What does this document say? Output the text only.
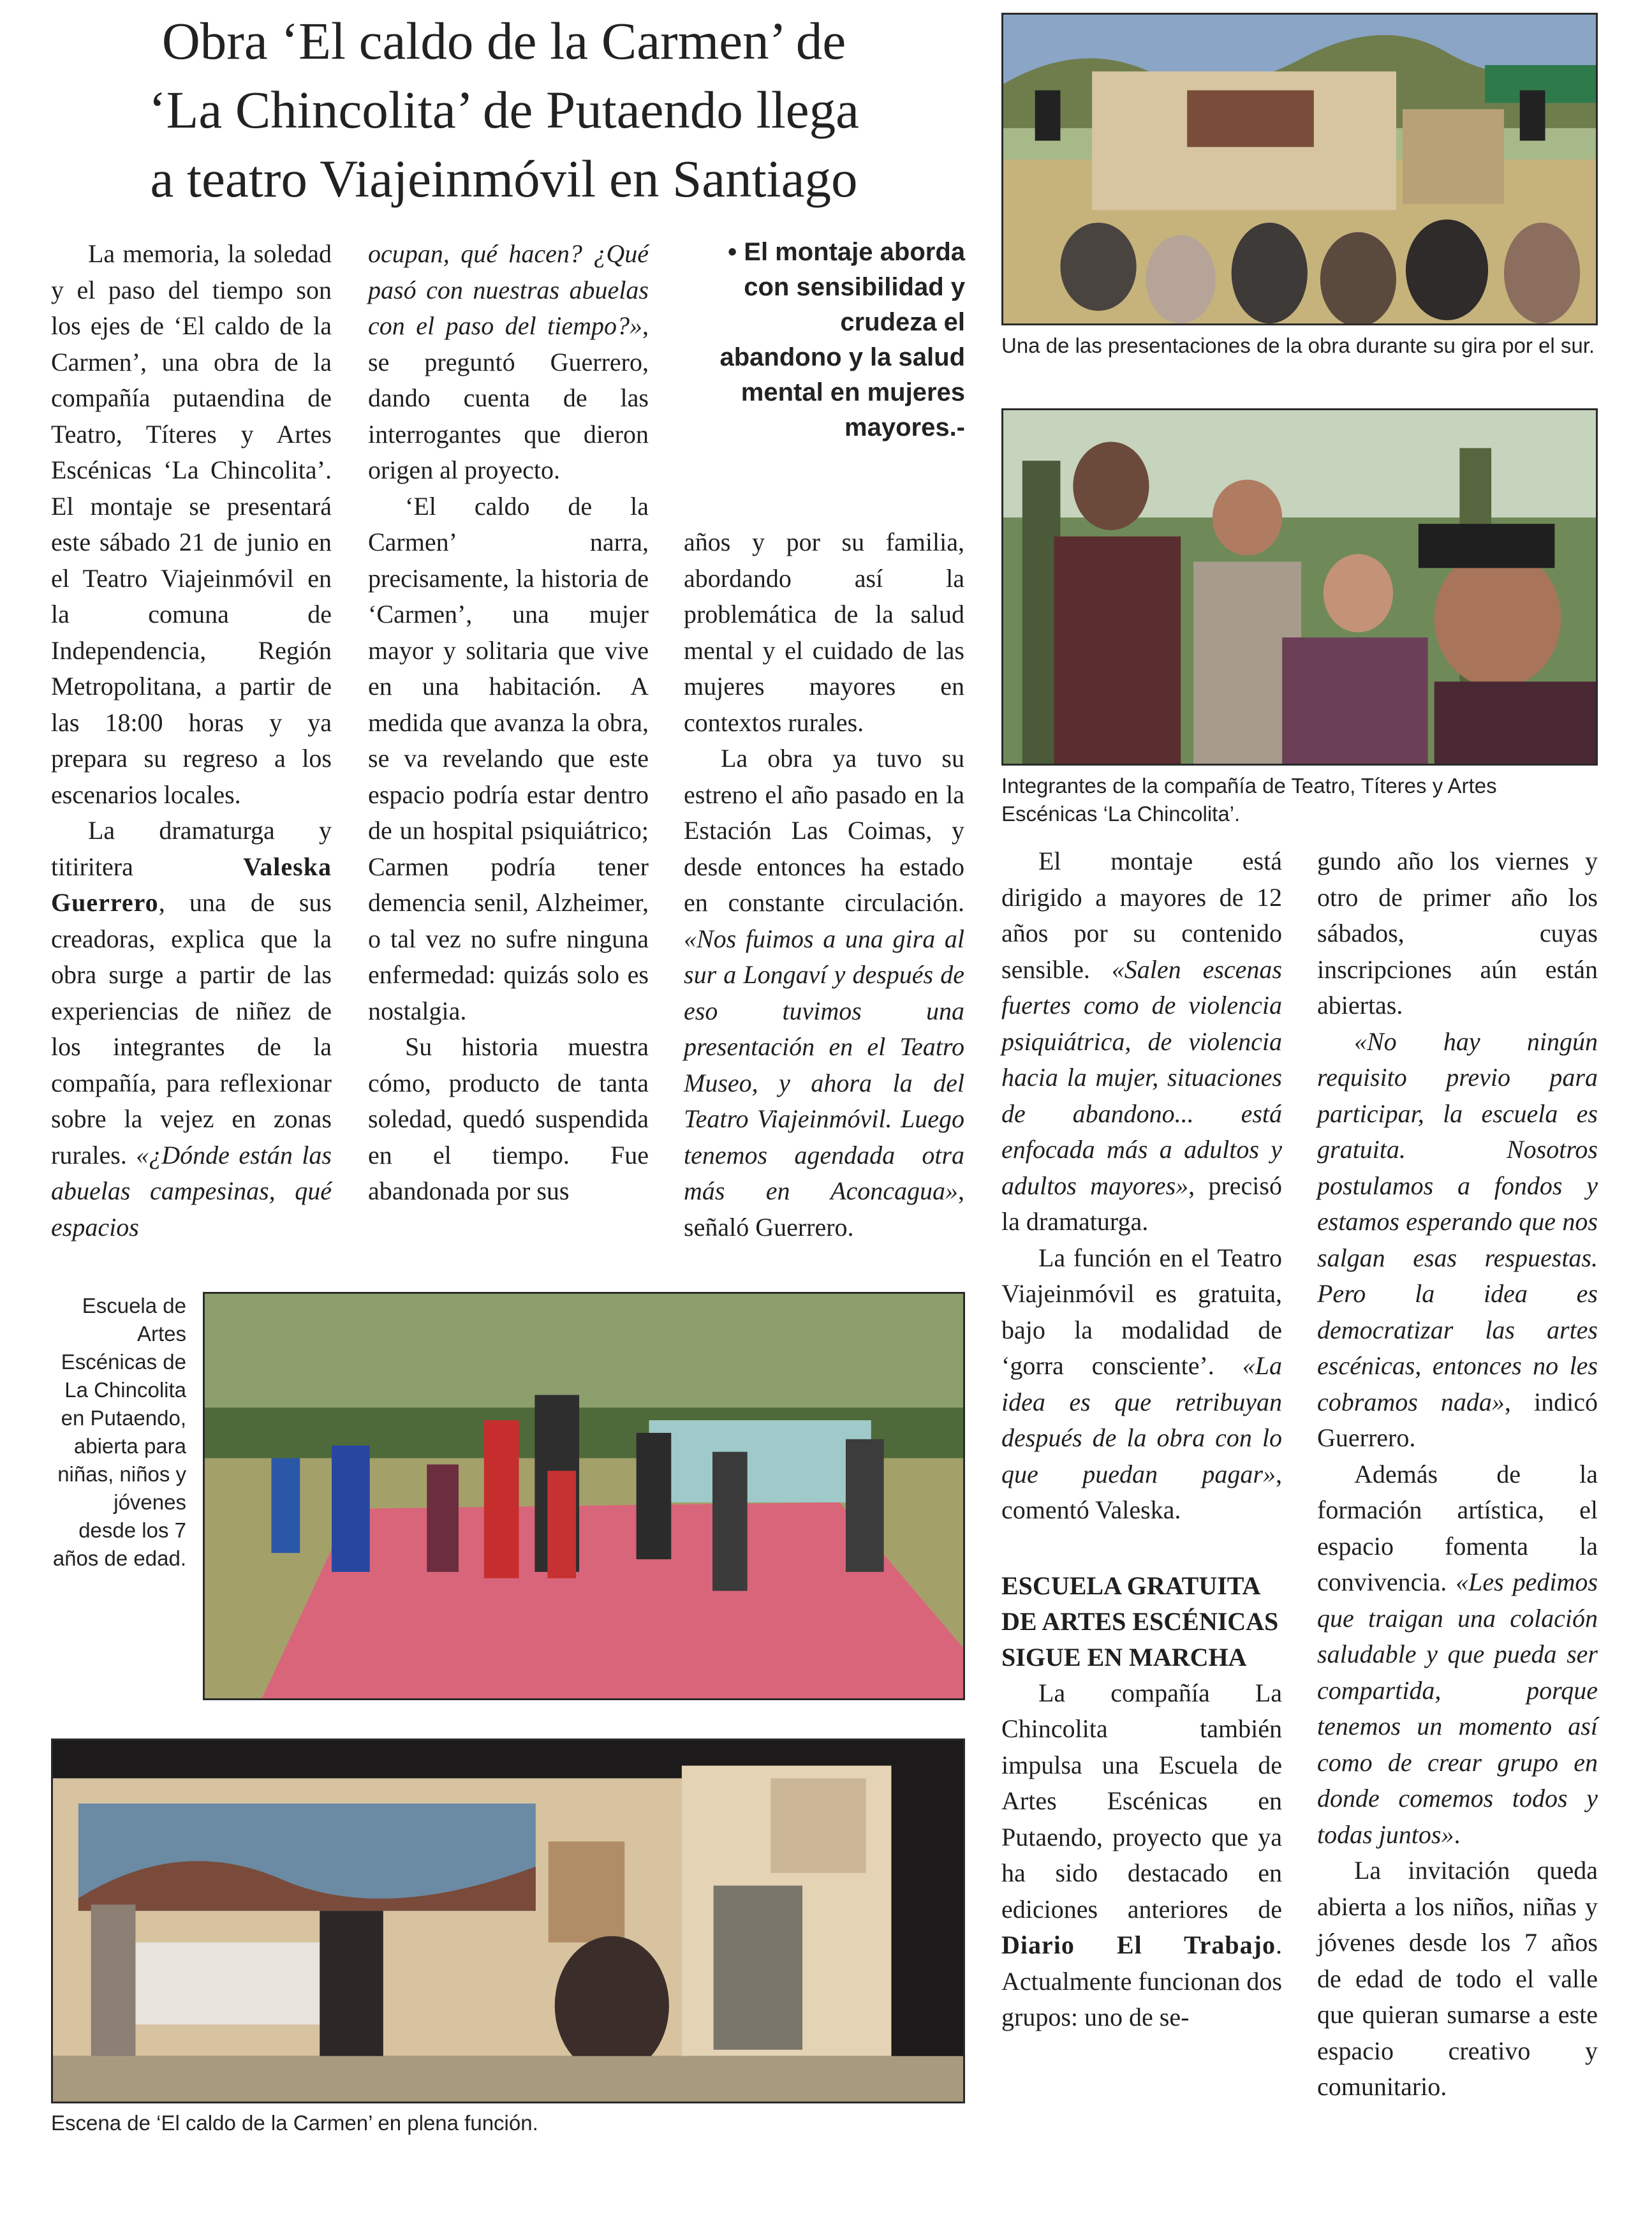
Obra ‘El caldo de la Carmen’ de
‘La Chincolita’ de Putaendo llega
a teatro Viajeinmóvil en Santiago

La memoria, la soledad y el paso del tiempo son los ejes de ‘El caldo de la Carmen’, una obra de la compañía putaendina de Teatro, Títeres y Artes Escénicas ‘La Chincolita’. El montaje se presentará este sábado 21 de junio en el Teatro Viajeinmóvil en la comuna de Independencia, Región Metropolitana, a partir de las 18:00 horas y ya prepara su regreso a los escenarios locales.

La dramaturga y titiritera Valeska Guerrero, una de sus creadoras, explica que la obra surge a partir de las experiencias de niñez de los integrantes de la compañía, para reflexionar sobre la vejez en zonas rurales. «¿Dónde están las abuelas campesinas, qué espacios

ocupan, qué hacen? ¿Qué pasó con nuestras abuelas con el paso del tiempo?», se preguntó Guerrero, dando cuenta de las interrogantes que dieron origen al proyecto.

‘El caldo de la Carmen’ narra, precisamente, la historia de ‘Carmen’, una mujer mayor y solitaria que vive en una habitación. A medida que avanza la obra, se va revelando que este espacio podría estar dentro de un hospital psiquiátrico; Carmen podría tener demencia senil, Alzheimer, o tal vez no sufre ninguna enfermedad: quizás solo es nostalgia.

Su historia muestra cómo, producto de tanta soledad, quedó suspendida en el tiempo. Fue abandonada por sus

• El montaje aborda con sensibilidad y crudeza el abandono y la salud mental en mujeres mayores.-

años y por su familia, abordando así la problemática de la salud mental y el cuidado de las mujeres mayores en contextos rurales.

La obra ya tuvo su estreno el año pasado en la Estación Las Coimas, y desde entonces ha estado en constante circulación. «Nos fuimos a una gira al sur a Longaví y después de eso tuvimos una presentación en el Teatro Museo, y ahora la del Teatro Viajeinmóvil. Luego tenemos agendada otra más en Aconcagua», señaló Guerrero.

El montaje está dirigido a mayores de 12 años por su contenido sensible. «Salen escenas fuertes como de violencia psiquiátrica, de violencia hacia la mujer, situaciones de abandono... está enfocada más a adultos y adultos mayores», precisó la dramaturga.

La función en el Teatro Viajeinmóvil es gratuita, bajo la modalidad de ‘gorra consciente’. «La idea es que retribuyan después de la obra con lo que puedan pagar», comentó Valeska.

ESCUELA GRATUITA DE ARTES ESCÉNICAS SIGUE EN MARCHA

La compañía La Chincolita también impulsa una Escuela de Artes Escénicas en Putaendo, proyecto que ya ha sido destacado en ediciones anteriores de Diario El Trabajo. Actualmente funcionan dos grupos: uno de se-

gundo año los viernes y otro de primer año los sábados, cuyas inscripciones aún están abiertas.

«No hay ningún requisito previo para participar, la escuela es gratuita. Nosotros postulamos a fondos y estamos esperando que nos salgan esas respuestas. Pero la idea es democratizar las artes escénicas, entonces no les cobramos nada», indicó Guerrero.

Además de la formación artística, el espacio fomenta la convivencia. «Les pedimos que traigan una colación saludable y que pueda ser compartida, porque tenemos un momento así como de crear grupo en donde comemos todos y todas juntos».

La invitación queda abierta a los niños, niñas y jóvenes desde los 7 años de edad de todo el valle que quieran sumarse a este espacio creativo y comunitario.

Una de las presentaciones de la obra durante su gira por el sur.
Integrantes de la compañía de Teatro, Títeres y Artes Escénicas ‘La Chincolita’.
Escuela de Artes Escénicas de La Chincolita en Putaendo, abierta para niñas, niños y jóvenes desde los 7 años de edad.
Escena de ‘El caldo de la Carmen’ en plena función.
